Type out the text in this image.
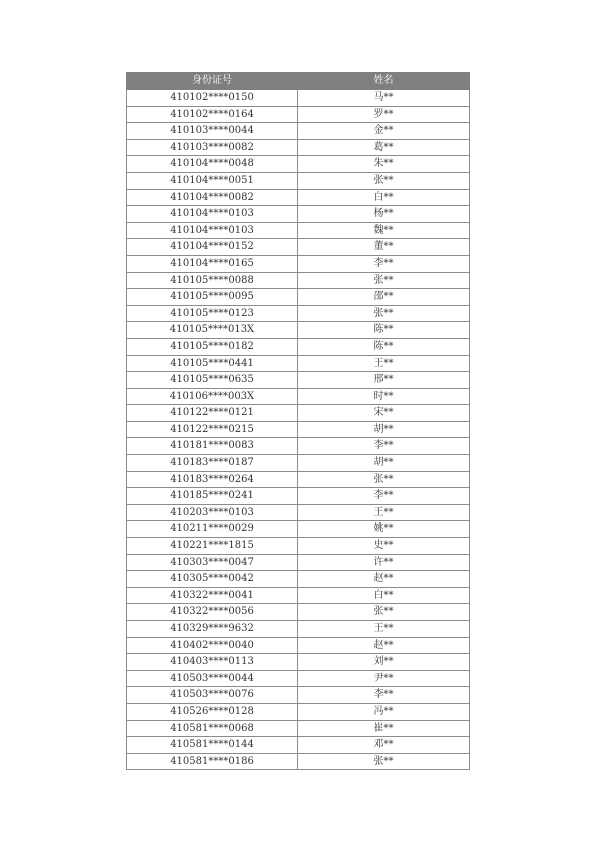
身份证号	姓名
410102****0150	马**
410102****0164	罗**
410103****0044	金**
410103****0082	葛**
410104****0048	朱**
410104****0051	张**
410104****0082	白**
410104****0103	杨**
410104****0103	魏**
410104****0152	董**
410104****0165	李**
410105****0088	张**
410105****0095	邵**
410105****0123	张**
410105****013X	陈**
410105****0182	陈**
410105****0441	王**
410105****0635	邢**
410106****003X	时**
410122****0121	宋**
410122****0215	胡**
410181****0083	李**
410183****0187	胡**
410183****0264	张**
410185****0241	李**
410203****0103	王**
410211****0029	姚**
410221****1815	史**
410303****0047	许**
410305****0042	赵**
410322****0041	白**
410322****0056	张**
410329****9632	王**
410402****0040	赵**
410403****0113	刘**
410503****0044	尹**
410503****0076	李**
410526****0128	冯**
410581****0068	崔**
410581****0144	邓**
410581****0186	张**
